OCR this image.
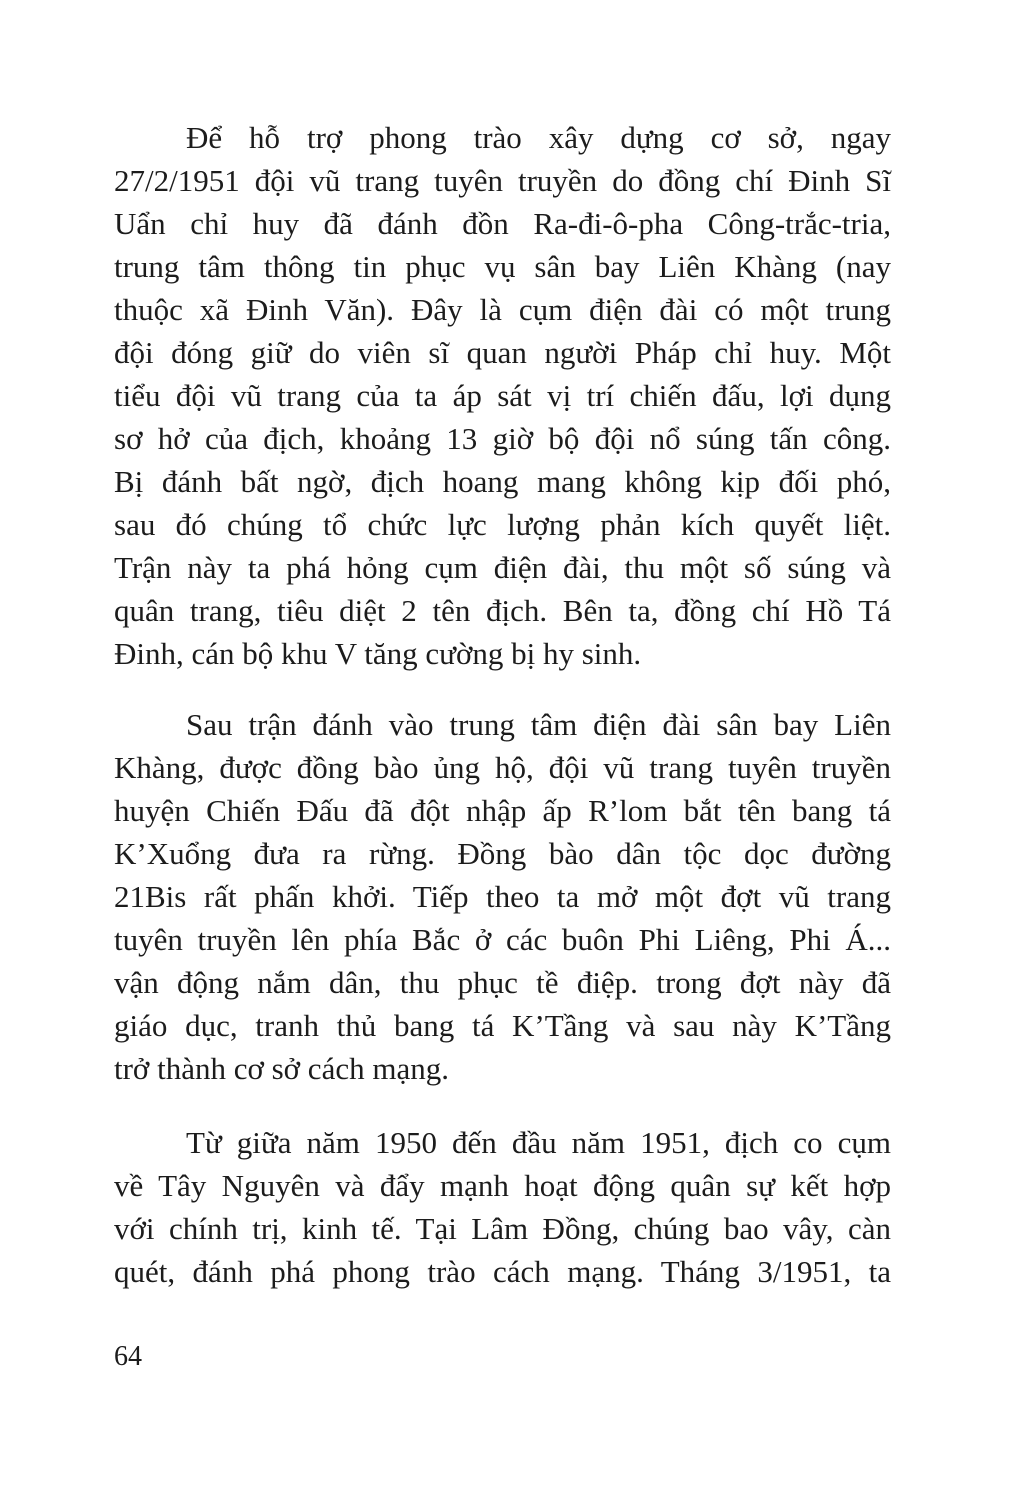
Để hỗ trợ phong trào xây dựng cơ sở, ngay
27/2/1951 đội vũ trang tuyên truyền do đồng chí Đinh Sĩ
Uẩn chỉ huy đã đánh đồn Ra-đi-ô-pha Công-trắc-tria,
trung tâm thông tin phục vụ sân bay Liên Khàng (nay
thuộc xã Đinh Văn). Đây là cụm điện đài có một trung
đội đóng giữ do viên sĩ quan người Pháp chỉ huy. Một
tiểu đội vũ trang của ta áp sát vị trí chiến đấu, lợi dụng
sơ hở của địch, khoảng 13 giờ bộ đội nổ súng tấn công.
Bị đánh bất ngờ, địch hoang mang không kịp đối phó,
sau đó chúng tổ chức lực lượng phản kích quyết liệt.
Trận này ta phá hỏng cụm điện đài, thu một số súng và
quân trang, tiêu diệt 2 tên địch. Bên ta, đồng chí Hồ Tá
Đinh, cán bộ khu V tăng cường bị hy sinh.
Sau trận đánh vào trung tâm điện đài sân bay Liên
Khàng, được đồng bào ủng hộ, đội vũ trang tuyên truyền
huyện Chiến Đấu đã đột nhập ấp R’lom bắt tên bang tá
K’Xuổng đưa ra rừng. Đồng bào dân tộc dọc đường
21Bis rất phấn khởi. Tiếp theo ta mở một đợt vũ trang
tuyên truyền lên phía Bắc ở các buôn Phi Liêng, Phi Á...
vận động nắm dân, thu phục tề điệp. trong đợt này đã
giáo dục, tranh thủ bang tá K’Tầng và sau này K’Tầng
trở thành cơ sở cách mạng.
Từ giữa năm 1950 đến đầu năm 1951, địch co cụm
về Tây Nguyên và đẩy mạnh hoạt động quân sự kết hợp
với chính trị, kinh tế. Tại Lâm Đồng, chúng bao vây, càn
quét, đánh phá phong trào cách mạng. Tháng 3/1951, ta
64
